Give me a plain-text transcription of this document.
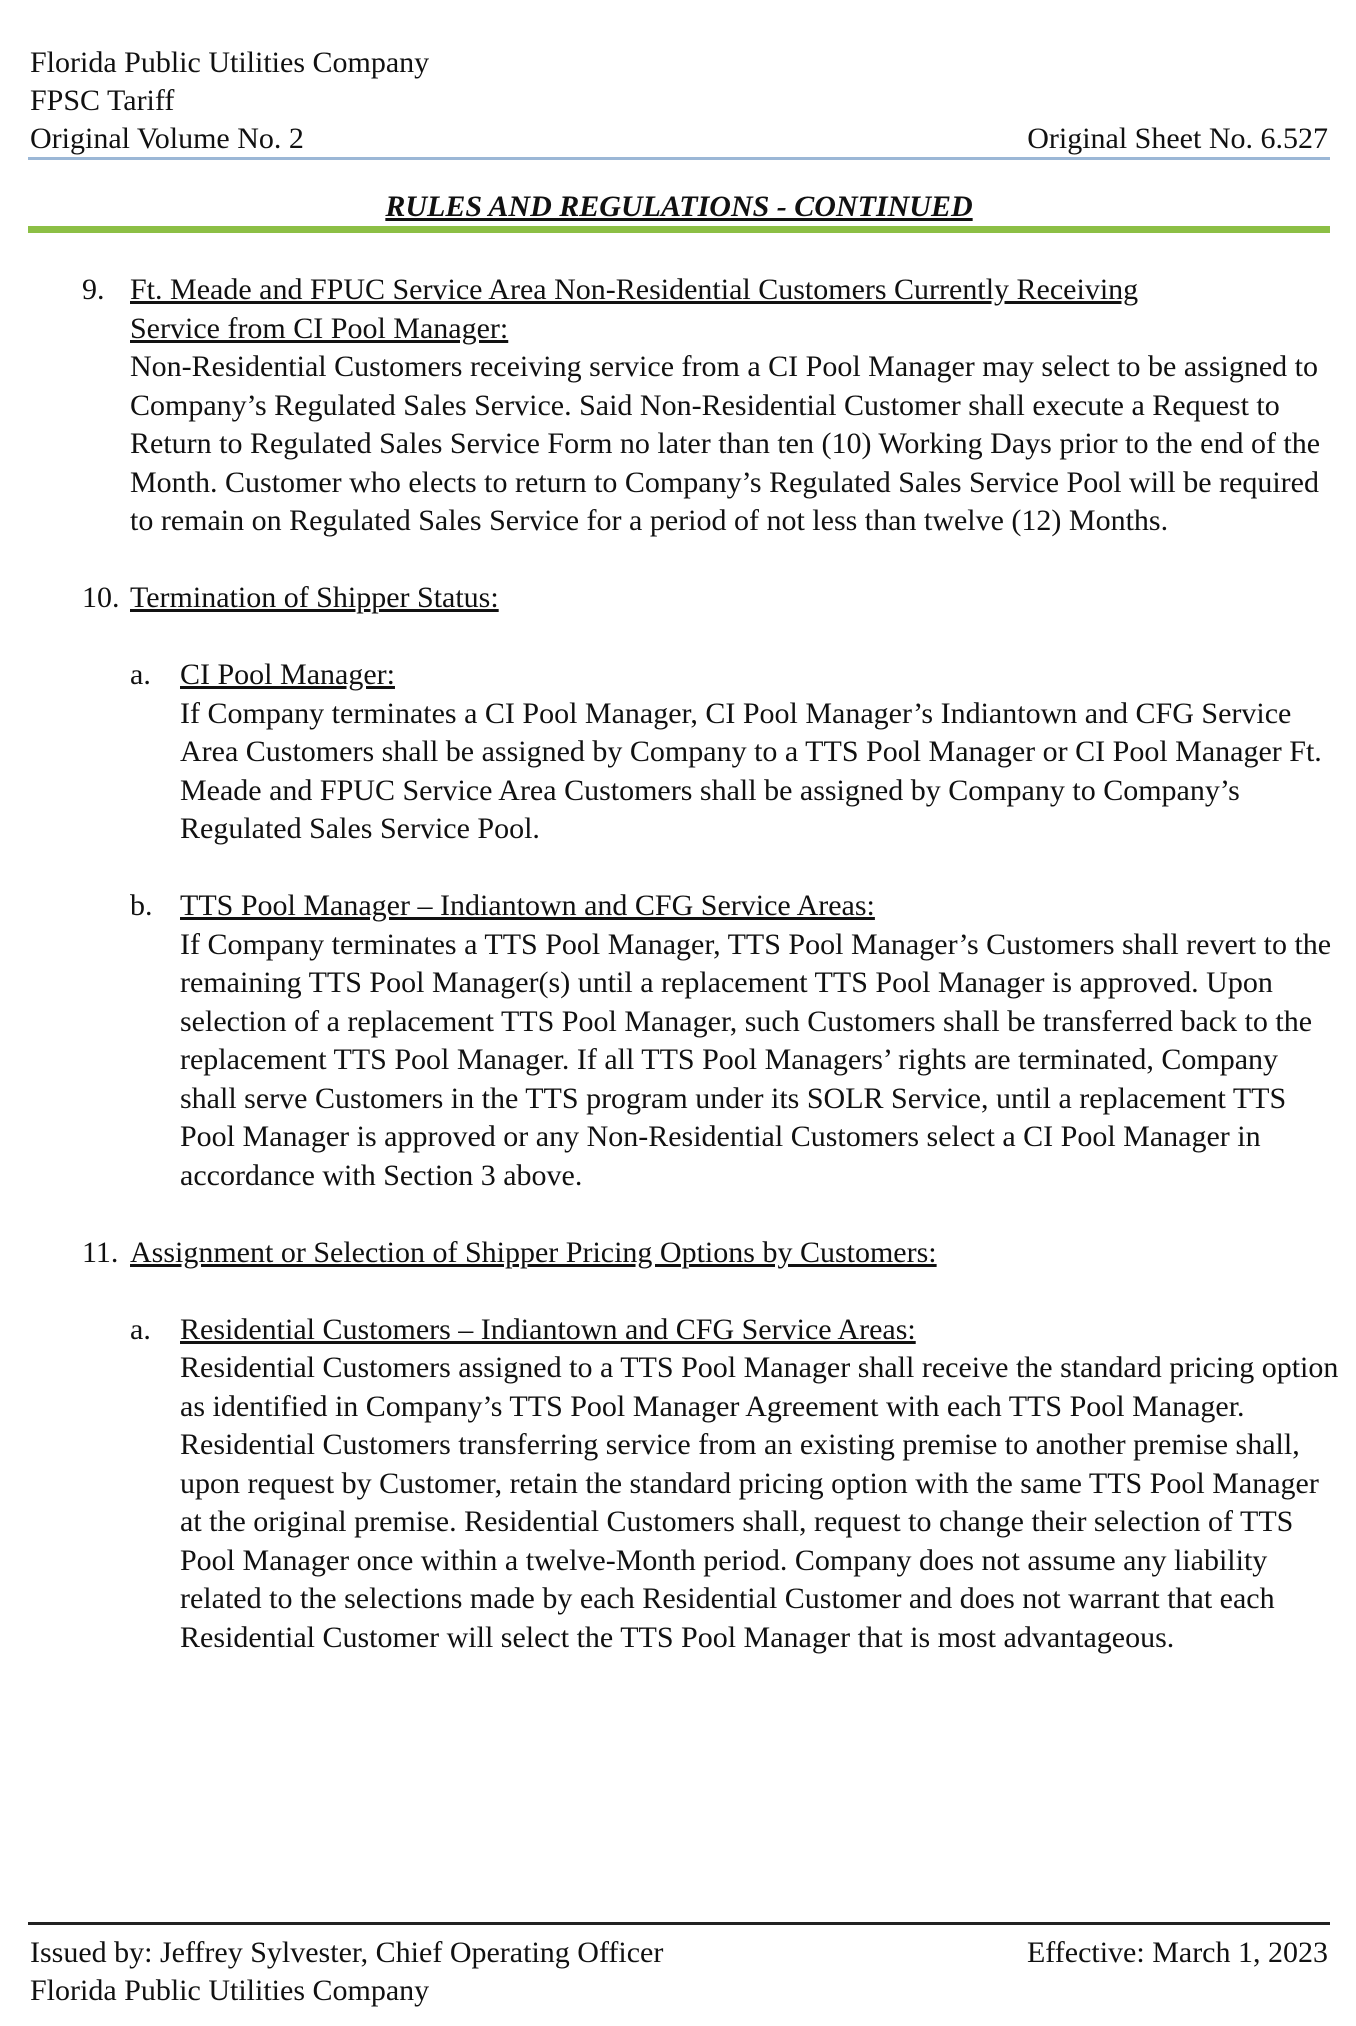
Florida Public Utilities Company
FPSC Tariff
Original Volume No. 2	Original Sheet No. 6.527
RULES AND REGULATIONS - CONTINUED
9. Ft. Meade and FPUC Service Area Non-Residential Customers Currently Receiving
Service from CI Pool Manager:

Non-Residential Customers receiving service from a CI Pool Manager may select to be assigned to Company’s Regulated Sales Service. Said Non-Residential Customer shall execute a Request to Return to Regulated Sales Service Form no later than ten (10) Working Days prior to the end of the Month. Customer who elects to return to Company’s Regulated Sales Service Pool will be required to remain on Regulated Sales Service for a period of not less than twelve (12) Months.

10. Termination of Shipper Status:
a. CI Pool Manager:

If Company terminates a CI Pool Manager, CI Pool Manager’s Indiantown and CFG Service Area Customers shall be assigned by Company to a TTS Pool Manager or CI Pool Manager Ft. Meade and FPUC Service Area Customers shall be assigned by Company to Company’s Regulated Sales Service Pool.

b. TTS Pool Manager – Indiantown and CFG Service Areas:

If Company terminates a TTS Pool Manager, TTS Pool Manager’s Customers shall revert to the remaining TTS Pool Manager(s) until a replacement TTS Pool Manager is approved. Upon selection of a replacement TTS Pool Manager, such Customers shall be transferred back to the replacement TTS Pool Manager. If all TTS Pool Managers’ rights are terminated, Company shall serve Customers in the TTS program under its SOLR Service, until a replacement TTS Pool Manager is approved or any Non-Residential Customers select a CI Pool Manager in accordance with Section 3 above.

11. Assignment or Selection of Shipper Pricing Options by Customers:
a. Residential Customers – Indiantown and CFG Service Areas:

Residential Customers assigned to a TTS Pool Manager shall receive the standard pricing option as identified in Company’s TTS Pool Manager Agreement with each TTS Pool Manager. Residential Customers transferring service from an existing premise to another premise shall, upon request by Customer, retain the standard pricing option with the same TTS Pool Manager at the original premise. Residential Customers shall, request to change their selection of TTS Pool Manager once within a twelve-Month period. Company does not assume any liability related to the selections made by each Residential Customer and does not warrant that each Residential Customer will select the TTS Pool Manager that is most advantageous.

Issued by: Jeffrey Sylvester, Chief Operating Officer
Florida Public Utilities Company
Effective: March 1, 2023
